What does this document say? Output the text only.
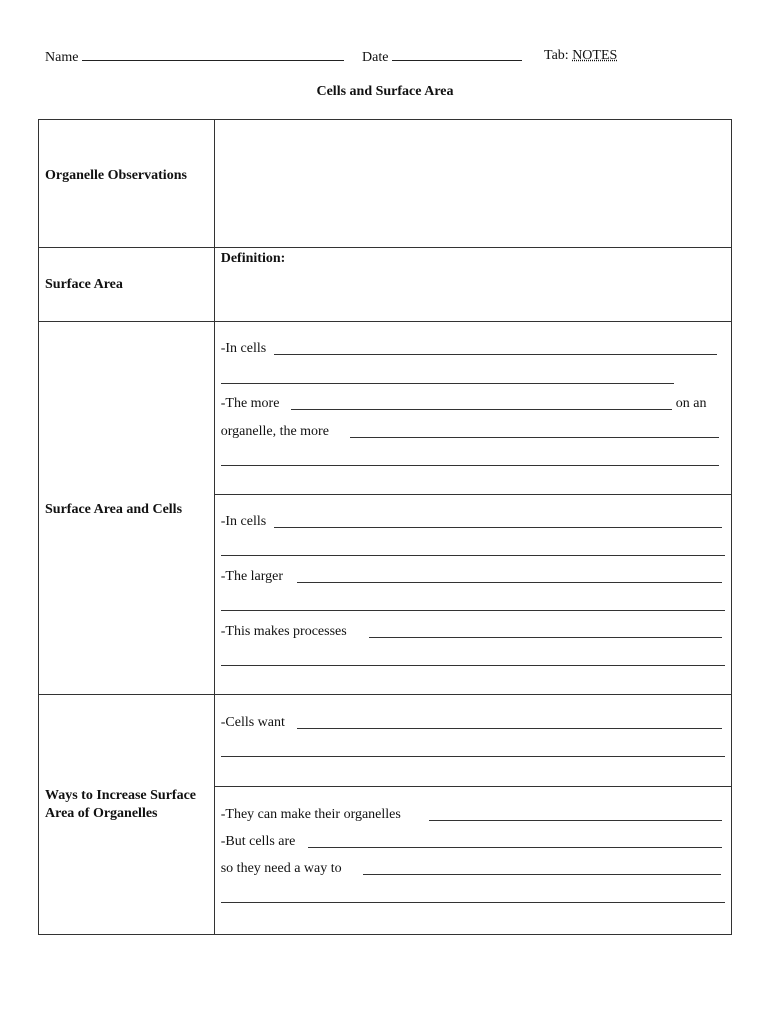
Name	Date	Tab: NOTES
Cells and Surface Area
Organelle Observations	

Surface Area	Definition:

Surface Area and Cells	-In cells
-The more on an
organelle, the more

	-In cells
-The larger
-This makes processes

Ways to Increase Surface Area of Organelles	-Cells want

	-They can make their organelles
-But cells are
so they need a way to
